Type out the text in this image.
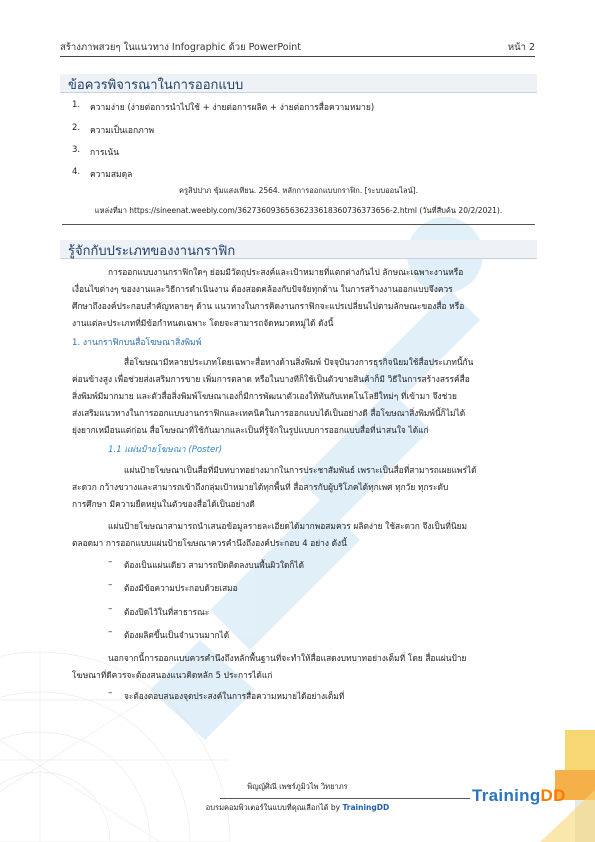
สร้างภาพสวยๆ ในแนวทาง Infographic ด้วย PowerPoint	หน้า 2
ข้อควรพิจารณาในการออกแบบ
1. ความง่าย (ง่ายต่อการนำไปใช้ + ง่ายต่อการผลิต + ง่ายต่อการสื่อความหมาย)
2. ความเป็นเอกภาพ
3. การเน้น
4. ความสมดุล
ครูสิปปาภ ขุ้มแสงเทียน. 2564. หลักการออกแบบกราฟิก. [ระบบออนไลน์].
แหล่งที่มา https://sineenat.weebly.com/36273609365636233618360736373656-2.html (วันที่สืบค้น 20/2/2021).
รู้จักกับประเภทของงานกราฟิก
การออกแบบงานกราฟิกใดๆ ย่อมมีวัตถุประสงค์และเป้าหมายที่แตกต่างกันไป ลักษณะเฉพาะงานหรือ
เงื่อนไขต่างๆ ของงานและวิธีการดำเนินงาน ต้องสอดคล้องกับปัจจัยทุกด้าน ในการสร้างงานออกแบบจึงควร
ศึกษาถึงองค์ประกอบสำคัญหลายๆ ด้าน แนวทางในการคิดงานกราฟิกจะแปรเปลี่ยนไปตามลักษณะของสื่อ หรือ
งานแต่ละประเภทที่มีข้อกำหนดเฉพาะ โดยจะสามารถจัดหมวดหมู่ได้ ดังนี้
1. งานกราฟิกบนสื่อโฆษณาสิ่งพิมพ์
สื่อโฆษณามีหลายประเภทโดยเฉพาะสื่อทางด้านสิ่งพิมพ์ ปัจจุบันวงการธุรกิจนิยมใช้สื่อประเภทนี้กัน
ค่อนข้างสูง เพื่อช่วยส่งเสริมการขาย เพิ่มการตลาด หรือในบางทีก็ใช้เป็นตัวขายสินค้าก็มี วิธีในการสร้างสรรค์สื่อ
สิ่งพิมพ์มีมากมาย และตัวสื่อสิ่งพิมพ์โฆษณาเองก็มีการพัฒนาตัวเองให้ทันกับเทคโนโลยีใหม่ๆ ที่เข้ามา จึงช่วย
ส่งเสริมแนวทางในการออกแบบงานกราฟิกและเทคนิคในการออกแบบได้เป็นอย่างดี สื่อโฆษณาสิ่งพิมพ์นี้ก็ไม่ได้
ยุ่งยากเหมือนแต่ก่อน สื่อโฆษณาที่ใช้กันมากและเป็นที่รู้จักในรูปแบบการออกแบบสื่อที่น่าสนใจ ได้แก่
1.1 แผ่นป้ายโฆษณา (Poster)
แผ่นป้ายโฆษณาเป็นสื่อที่มีบทบาทอย่างมากในการประชาสัมพันธ์ เพราะเป็นสื่อที่สามารถเผยแพร่ได้
สะดวก กว้างขวางและสามารถเข้าถึงกลุ่มเป้าหมายได้ทุกพื้นที่ สื่อสารกับผู้บริโภคได้ทุกเพศ ทุกวัย ทุกระดับ
การศึกษา มีความยืดหยุ่นในตัวของสื่อได้เป็นอย่างดี
แผ่นป้ายโฆษณาสามารถนำเสนอข้อมูลรายละเอียดได้มากพอสมควร ผลิตง่าย ใช้สะดวก จึงเป็นที่นิยม
ตลอดมา การออกแบบแผ่นป้ายโฆษณาควรคำนึงถึงองค์ประกอบ 4 อย่าง ดังนี้
– ต้องเป็นแผ่นเดียว สามารถปิดติดลงบนพื้นผิวใดก็ได้
– ต้องมีข้อความประกอบด้วยเสมอ
– ต้องปิดไว้ในที่สาธารณะ
– ต้องผลิตขึ้นเป็นจำนวนมากได้
นอกจากนี้การออกแบบควรคำนึงถึงหลักพื้นฐานที่จะทำให้สื่อแสดงบทบาทอย่างเต็มที่ โดย สื่อแผ่นป้าย
โฆษณาที่ดีควรจะต้องสนองแนวคิดหลัก 5 ประการได้แก่
– จะต้องตอบสนองจุดประสงค์ในการสื่อความหมายได้อย่างเต็มที่
พิญญ์ศิณี เพชร์ภูมิวไพ วิทยาภร
อบรมคอมพิวเตอร์ในแบบที่คุณเลือกได้ by TrainingDD
TrainingDD
